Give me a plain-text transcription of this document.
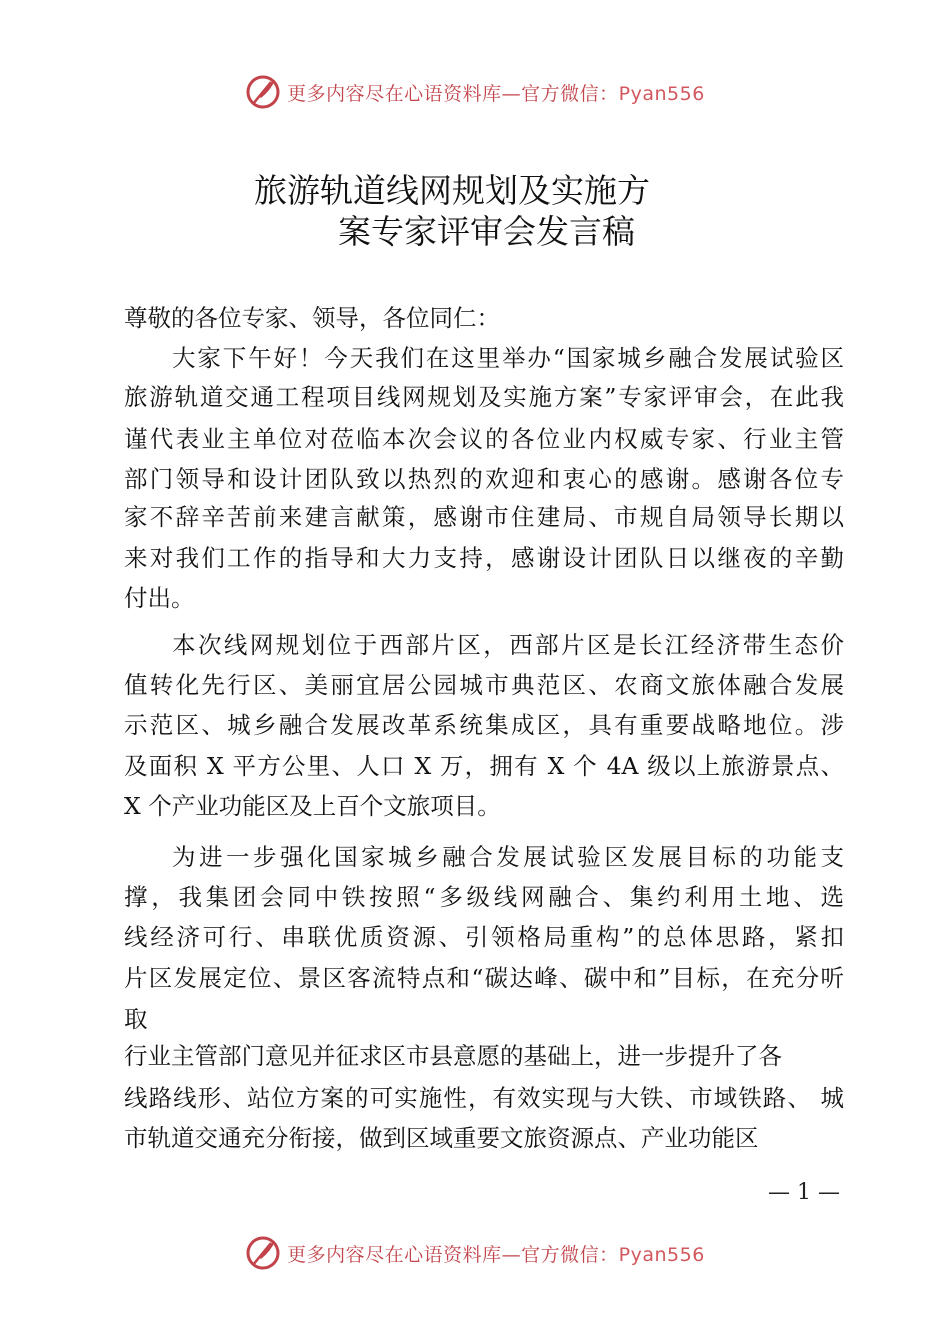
更多内容尽在心语资料库—官方微信：Pyan556
旅游轨道线网规划及实施方
案专家评审会发言稿
尊敬的各位专家、领导，各位同仁：
大家下午好！今天我们在这里举办“国家城乡融合发展试验区
旅游轨道交通工程项目线网规划及实施方案”专家评审会，在此我
谨代表业主单位对莅临本次会议的各位业内权威专家、行业主管
部门领导和设计团队致以热烈的欢迎和衷心的感谢。感谢各位专
家不辞辛苦前来建言献策，感谢市住建局、市规自局领导长期以
来对我们工作的指导和大力支持，感谢设计团队日以继夜的辛勤
付出。
本次线网规划位于西部片区，西部片区是长江经济带生态价
值转化先行区、美丽宜居公园城市典范区、农商文旅体融合发展
示范区、城乡融合发展改革系统集成区，具有重要战略地位。涉
及面积 X 平方公里、人口 X 万，拥有 X 个 4A 级以上旅游景点、
X 个产业功能区及上百个文旅项目。
为进一步强化国家城乡融合发展试验区发展目标的功能支
撑，我集团会同中铁按照“多级线网融合、集约利用土地、选
线经济可行、串联优质资源、引领格局重构”的总体思路，紧扣
片区发展定位、景区客流特点和“碳达峰、碳中和”目标，在充分听
取
行业主管部门意见并征求区市县意愿的基础上，进一步提升了各
线路线形、站位方案的可实施性，有效实现与大铁、市域铁路、 城
市轨道交通充分衔接，做到区域重要文旅资源点、产业功能区
— 1 —
更多内容尽在心语资料库—官方微信：Pyan556
